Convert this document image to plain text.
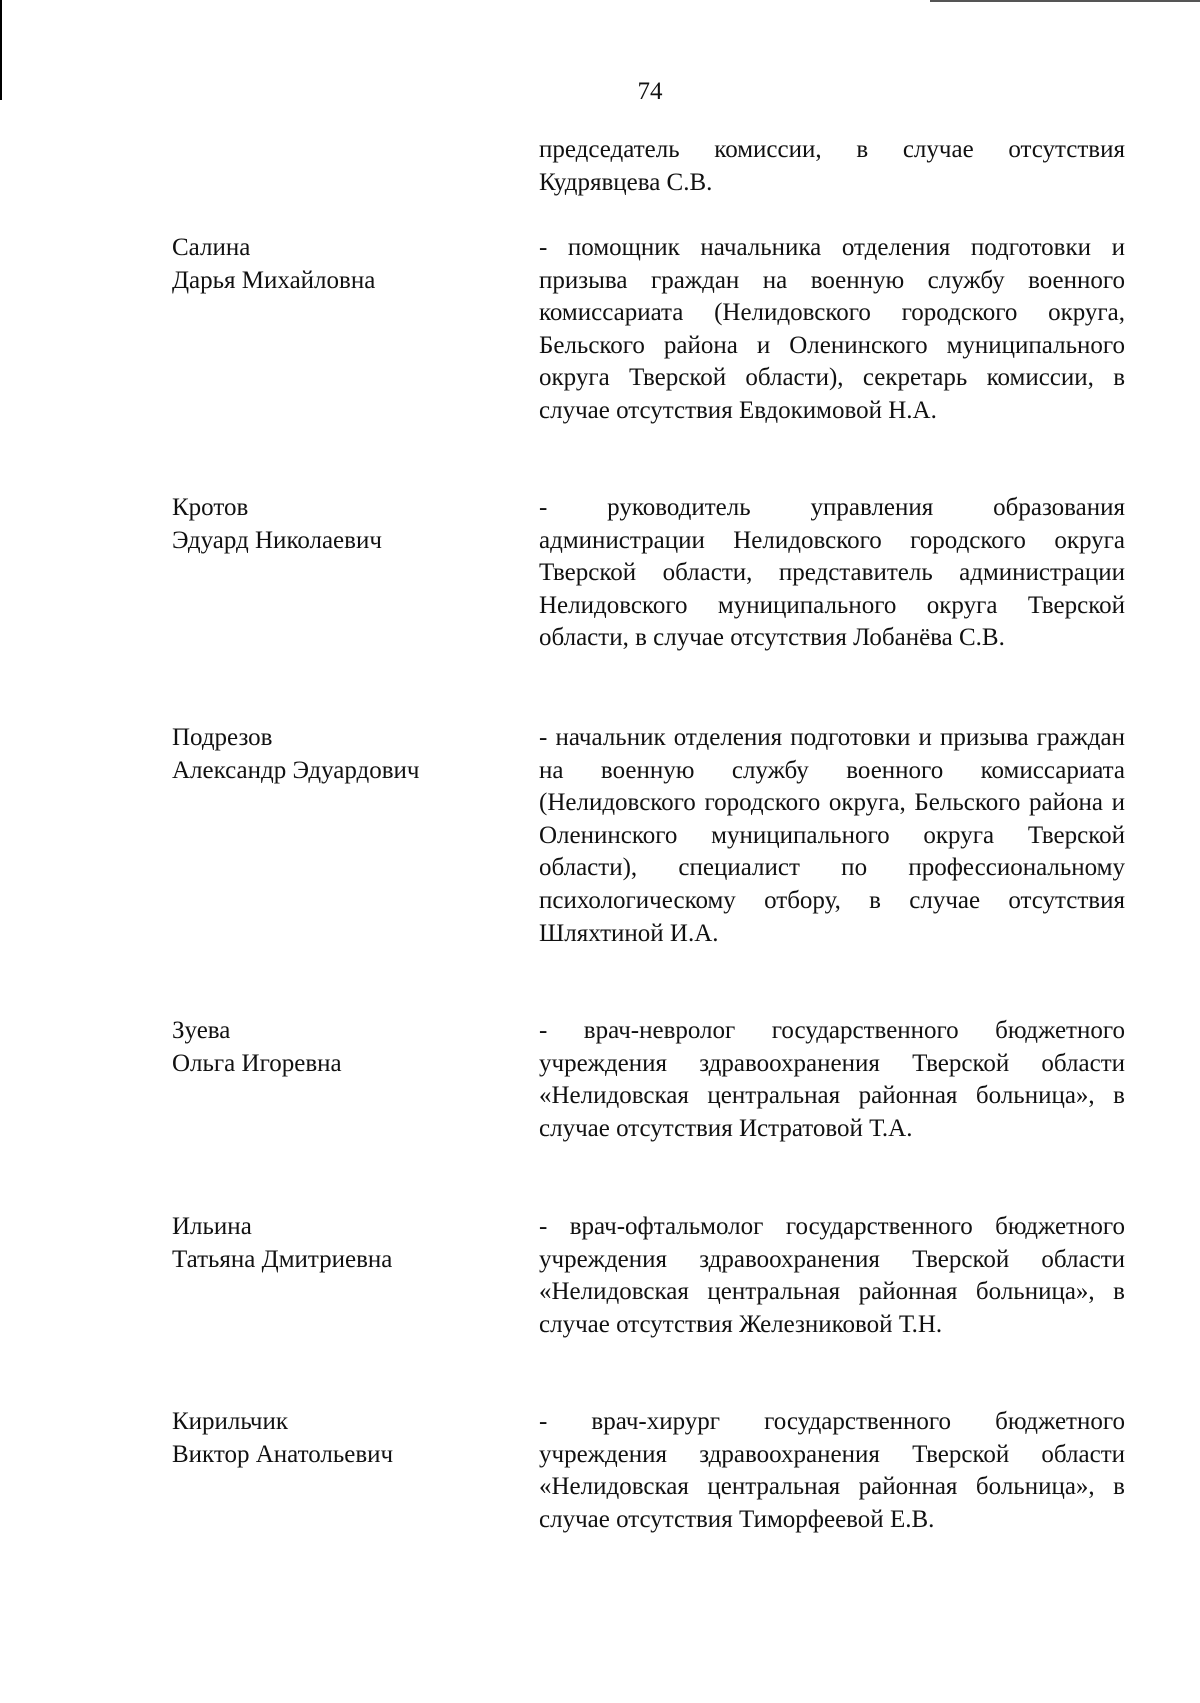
74
председатель комиссии, в случае отсутствия Кудрявцева С.В.
Салина
Дарья Михайловна
- помощник начальника отделения подготовки и призыва граждан на военную службу военного комиссариата (Нелидовского городского округа, Бельского района и Оленинского муниципального округа Тверской области), секретарь комиссии, в случае отсутствия Евдокимовой Н.А.
Кротов
Эдуард Николаевич
- руководитель управления образования администрации Нелидовского городского округа Тверской области, представитель администрации Нелидовского муниципального округа Тверской области, в случае отсутствия Лобанёва С.В.
Подрезов
Александр Эдуардович
- начальник отделения подготовки и призыва граждан на военную службу военного комиссариата (Нелидовского городского округа, Бельского района и Оленинского муниципального округа Тверской области), специалист по профессиональному психологическому отбору, в случае отсутствия Шляхтиной И.А.
Зуева
Ольга Игоревна
- врач-невролог государственного бюджетного учреждения здравоохранения Тверской области «Нелидовская центральная районная больница», в случае отсутствия Истратовой Т.А.
Ильина
Татьяна Дмитриевна
- врач-офтальмолог государственного бюджетного учреждения здравоохранения Тверской области «Нелидовская центральная районная больница», в случае отсутствия Железниковой Т.Н.
Кирильчик
Виктор Анатольевич
- врач-хирург государственного бюджетного учреждения здравоохранения Тверской области «Нелидовская центральная районная больница», в случае отсутствия Тиморфеевой Е.В.
